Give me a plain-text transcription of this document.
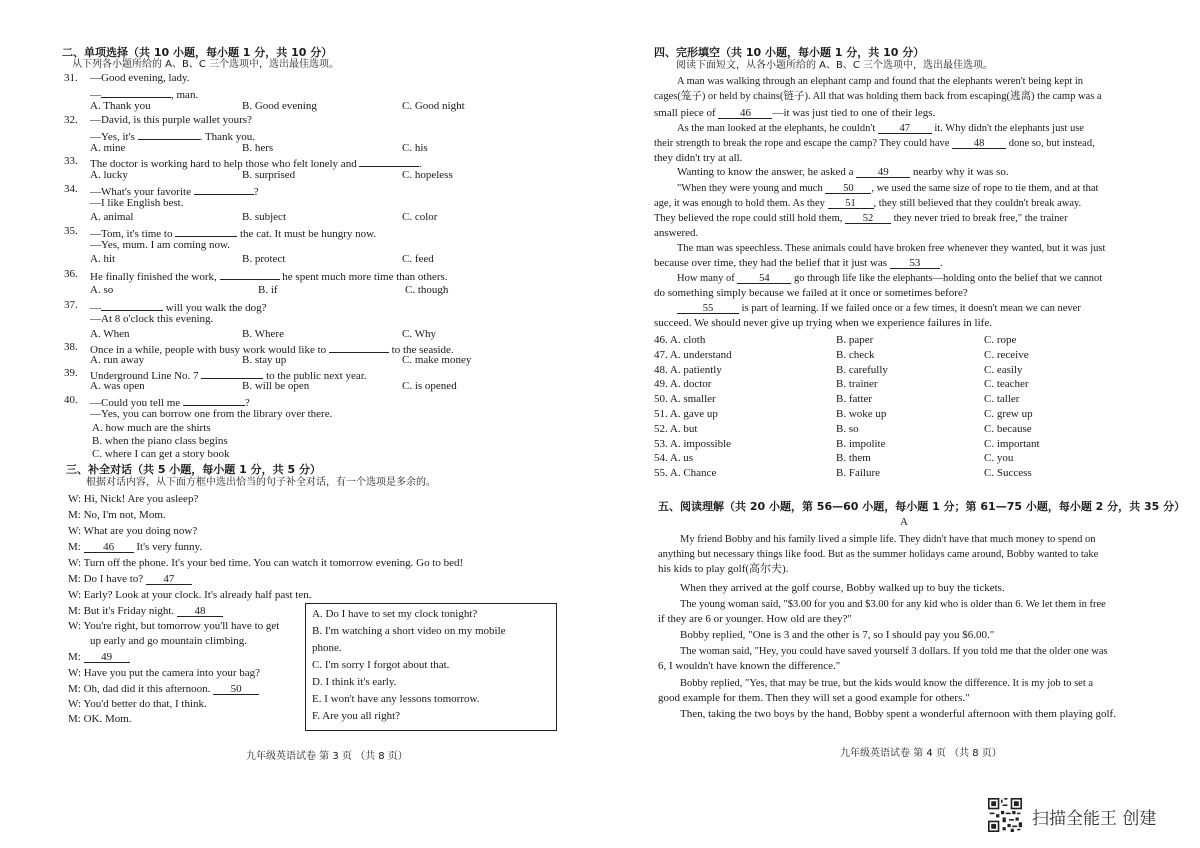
二、单项选择（共 10 小题，每小题 1 分，共 10 分）
从下列各小题所给的 A、B、C 三个选项中，选出最佳选项。
31. —Good evening, lady.
—	, man.
A. Thank you	B. Good evening	C. Good night
32. —David, is this purple wallet yours?
—Yes, it's	. Thank you.
A. mine	B. hers	C. his
33. The doctor is working hard to help those who felt lonely and	.
A. lucky	B. surprised	C. hopeless
34. —What's your favorite	?
—I like English best.
A. animal	B. subject	C. color
35. —Tom, it's time to	the cat. It must be hungry now.
—Yes, mum. I am coming now.
A. hit	B. protect	C. feed
36. He finally finished the work,	he spent much more time than others.
A. so	B. if	C. though
37. —	will you walk the dog?
—At 8 o'clock this evening.
A. When	B. Where	C. Why
38. Once in a while, people with busy work would like to	to the seaside.
A. run away	B. stay up	C. make money
39. Underground Line No. 7	to the public next year.
A. was open	B. will be open	C. is opened
40. —Could you tell me	?
—Yes, you can borrow one from the library over there.
A. how much are the shirts
B. when the piano class begins
C. where I can get a story book
三、补全对话（共 5 小题，每小题 1 分，共 5 分）
根据对话内容，从下面方框中选出恰当的句子补全对话，有一个选项是多余的。
W: Hi, Nick! Are you asleep?
M: No, I'm not, Mom.
W: What are you doing now?
M: 46 It's very funny.
W: Turn off the phone. It's your bed time. You can watch it tomorrow evening. Go to bed!
M: Do I have to? 47
W: Early? Look at your clock. It's already half past ten.
M: But it's Friday night. 48
W: You're right, but tomorrow you'll have to get
up early and go mountain climbing.
M: 49
W: Have you put the camera into your bag?
M: Oh, dad did it this afternoon. 50
W: You'd better do that, I think.
M: OK. Mom.
A. Do I have to set my clock tonight?
B. I'm watching a short video on my mobile
phone.
C. I'm sorry I forgot about that.
D. I think it's early.
E. I won't have any lessons tomorrow.
F. Are you all right?
九年级英语试卷 第 3 页 （共 8 页）
四、完形填空（共 10 小题，每小题 1 分，共 10 分）
阅读下面短文，从各小题所给的 A、B、C 三个选项中，选出最佳选项。
A man was walking through an elephant camp and found that the elephants weren't being kept in
cages(笼子) or held by chains(链子). All that was holding them back from escaping(逃离) the camp was a
small piece of 46 —it was just tied to one of their legs.
As the man looked at the elephants, he couldn't 47 it. Why didn't the elephants just use
their strength to break the rope and escape the camp? They could have 48 done so, but instead,
they didn't try at all.
Wanting to know the answer, he asked a 49 nearby why it was so.
"When they were young and much 50 , we used the same size of rope to tie them, and at that
age, it was enough to hold them. As they 51 , they still believed that they couldn't break away.
They believed the rope could still hold them, 52 they never tried to break free," the trainer
answered.
The man was speechless. These animals could have broken free whenever they wanted, but it was just
because over time, they had the belief that it just was 53 .
How many of 54 go through life like the elephants—holding onto the belief that we cannot
do something simply because we failed at it once or sometimes before?
55	is part of learning. If we failed once or a few times, it doesn't mean we can never
succeed. We should never give up trying when we experience failures in life.
46. A. cloth	B. paper	C. rope
47. A. understand	B. check	C. receive
48. A. patiently	B. carefully	C. easily
49. A. doctor	B. trainer	C. teacher
50. A. smaller	B. fatter	C. taller
51. A. gave up	B. woke up	C. grew up
52. A. but	B. so	C. because
53. A. impossible	B. impolite	C. important
54. A. us	B. them	C. you
55. A. Chance	B. Failure	C. Success
五、阅读理解（共 20 小题，第 56—60 小题，每小题 1 分；第 61—75 小题，每小题 2 分，共 35 分）
A
My friend Bobby and his family lived a simple life. They didn't have that much money to spend on
anything but necessary things like food. But as the summer holidays came around, Bobby wanted to take
his kids to play golf(高尔夫).
When they arrived at the golf course, Bobby walked up to buy the tickets.
The young woman said, "$3.00 for you and $3.00 for any kid who is older than 6. We let them in free
if they are 6 or younger. How old are they?"
Bobby replied, "One is 3 and the other is 7, so I should pay you $6.00."
The woman said, "Hey, you could have saved yourself 3 dollars. If you told me that the older one was
6, I wouldn't have known the difference."
Bobby replied, "Yes, that may be true, but the kids would know the difference. It is my job to set a
good example for them. Then they will set a good example for others."
Then, taking the two boys by the hand, Bobby spent a wonderful afternoon with them playing golf.
九年级英语试卷 第 4 页 （共 8 页）
扫描全能王 创建
